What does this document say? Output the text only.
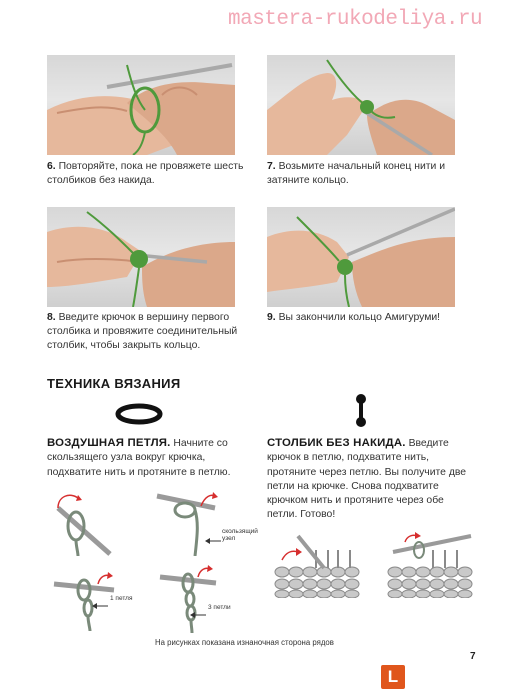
mastera-rukodeliya.ru
6. Повторяйте, пока не провяжете шесть столбиков без накида.
7. Возьмите начальный конец нити и затяните кольцо.
8. Введите крючок в вершину первого столбика и провяжите соединительный столбик, чтобы закрыть кольцо.
9. Вы закончили кольцо Амигуруми!
ТЕХНИКА ВЯЗАНИЯ
ВОЗДУШНАЯ ПЕТЛЯ. Начните со скользящего узла вокруг крючка, подхватите нить и протяните в петлю.
СТОЛБИК БЕЗ НАКИДА. Введите крючок в петлю, подхватите нить, протяните через петлю. Вы получите две петли на крючке. Снова подхватите крючком нить и протяните через обе петли. Готово!
скользящий
узел
1 петля
3 петли
На рисунках показана изнаночная сторона рядов
7
L
